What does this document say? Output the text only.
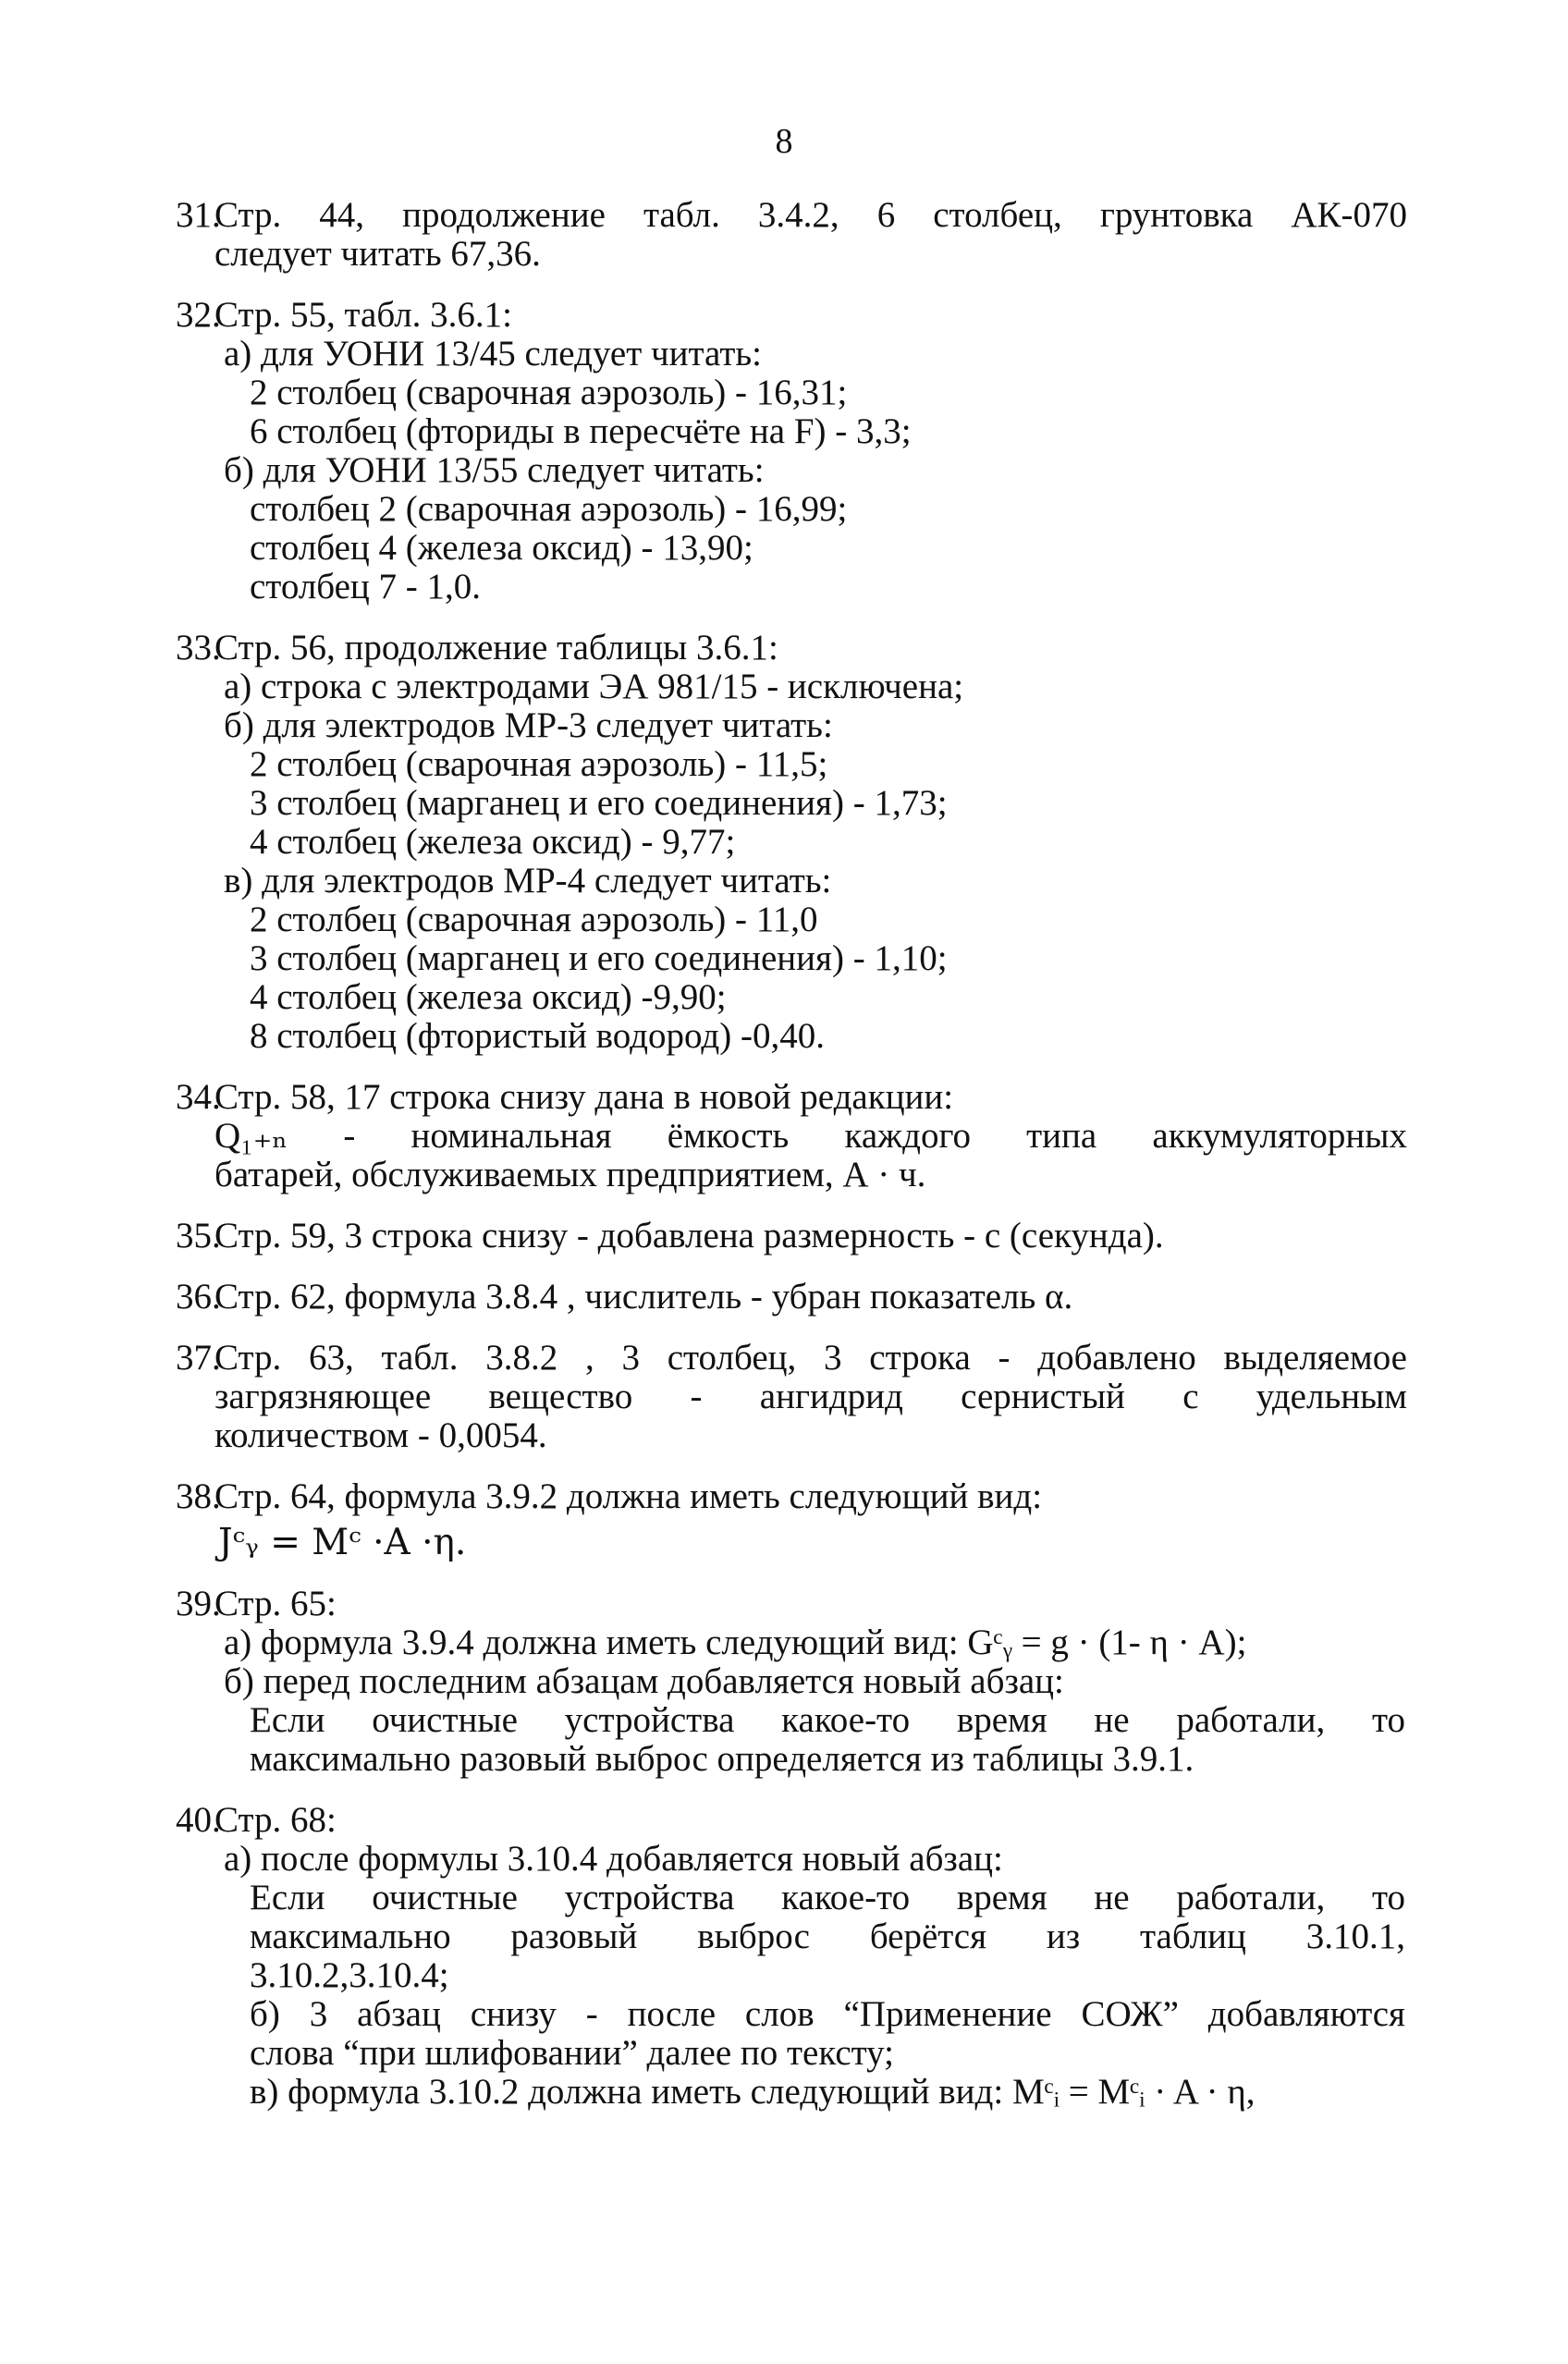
8
31.
Стр. 44, продолжение табл. 3.4.2, 6 столбец, грунтовка АК-070
следует читать 67,36.
32.
Стр. 55, табл. 3.6.1:
а) для УОНИ 13/45 следует читать:
2 столбец (сварочная аэрозоль) - 16,31;
6 столбец (фториды в пересчёте на F) - 3,3;
б) для УОНИ 13/55 следует читать:
столбец 2 (сварочная аэрозоль) - 16,99;
столбец 4 (железа оксид) - 13,90;
столбец 7 - 1,0.
33.
Стр. 56, продолжение таблицы 3.6.1:
а) строка с электродами ЭА 981/15 - исключена;
б) для электродов МР-3 следует читать:
2 столбец (сварочная аэрозоль) - 11,5;
3 столбец (марганец и его соединения) - 1,73;
4 столбец (железа оксид) - 9,77;
в) для электродов МР-4 следует читать:
2 столбец (сварочная аэрозоль) - 11,0
3 столбец (марганец и его соединения) - 1,10;
4 столбец (железа оксид) -9,90;
8 столбец (фтористый водород) -0,40.
34.
Стр. 58, 17 строка снизу дана в новой редакции:
Q₁₊ₙ - номинальная ёмкость каждого типа аккумуляторных
батарей, обслуживаемых предприятием, А · ч.
35.
Стр. 59, 3 строка снизу - добавлена размерность - с (секунда).
36.
Стр. 62, формула 3.8.4 , числитель - убран показатель α.
37.
Стр. 63, табл. 3.8.2 , 3 столбец, 3 строка - добавлено выделяемое
загрязняющее вещество - ангидрид сернистый с удельным
количеством - 0,0054.
38.
Стр. 64, формула 3.9.2 должна иметь следующий вид:
Jᶜᵧ = Mᶜ ·A ·η.
39.
Стр. 65:
а) формула 3.9.4 должна иметь следующий вид: Gᶜᵧ = g · (1- η · A);
б) перед последним абзацам добавляется новый абзац:
Если очистные устройства какое-то время не работали, то
максимально разовый выброс определяется из таблицы 3.9.1.
40.
Стр. 68:
а) после формулы 3.10.4 добавляется новый абзац:
Если очистные устройства какое-то время не работали, то
максимально разовый выброс берётся из таблиц 3.10.1,
3.10.2,3.10.4;
б) 3 абзац снизу - после слов “Применение СОЖ” добавляются
слова “при шлифовании” далее по тексту;
в) формула 3.10.2 должна иметь следующий вид: Mᶜᵢ = Mᶜᵢ · A · η,
